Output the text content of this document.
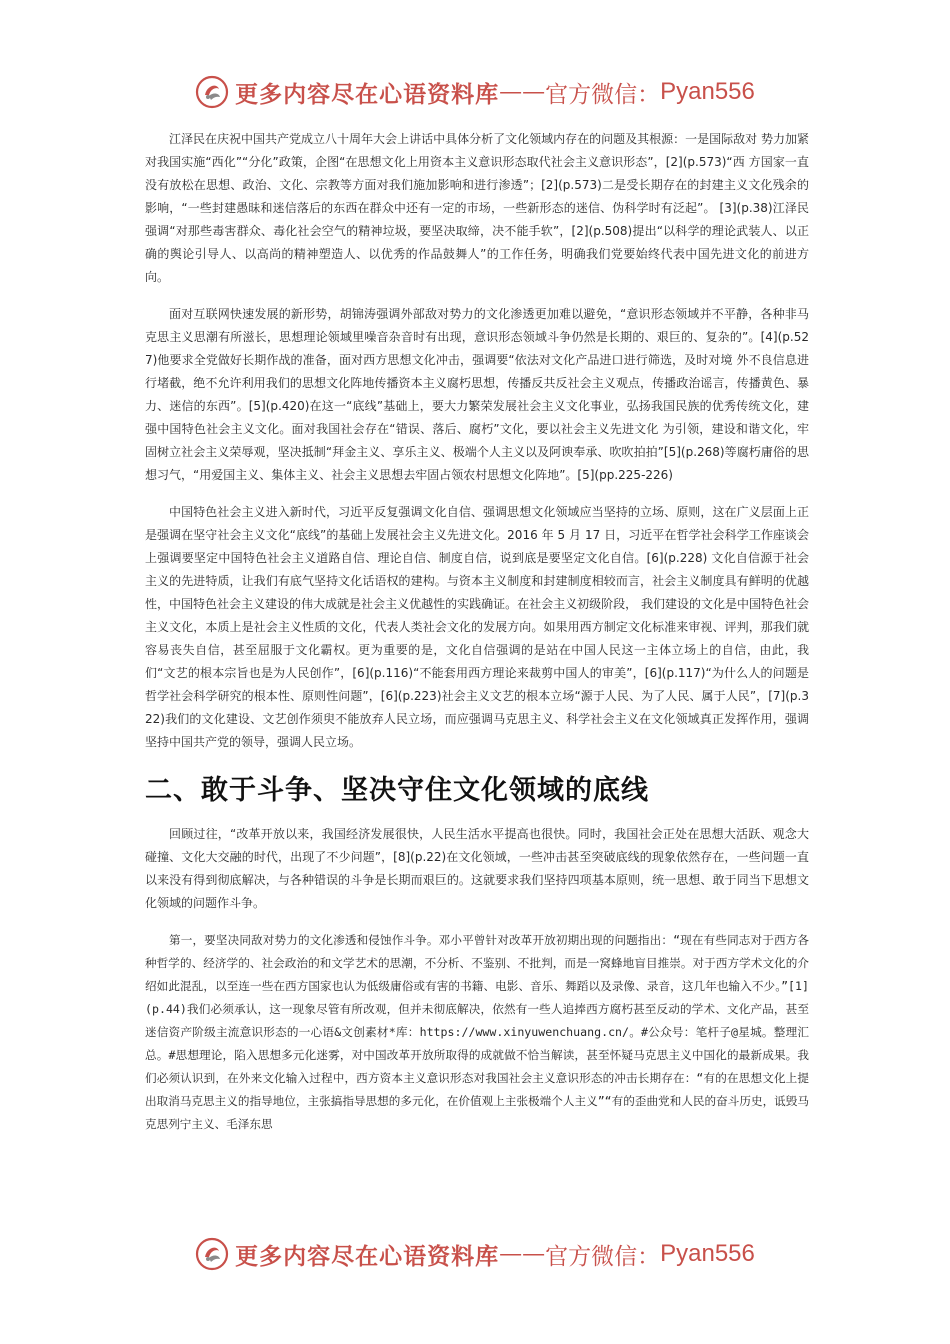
更多内容尽在心语资料库 —— 官方微信： Pyan556

江泽民在庆祝中国共产党成立八十周年大会上讲话中具体分析了文化领域内存在的问题及其根源：一是国际敌对 势力加紧对我国实施“西化”“分化”政策，企图“在思想文化上用资本主义意识形态取代社会主义意识形态”，[2](p.573)“西 方国家一直没有放松在思想、政治、文化、宗教等方面对我们施加影响和进行渗透”；[2](p.573)二是受长期存在的封建主义文化残余的影响，“一些封建愚昧和迷信落后的东西在群众中还有一定的市场，一些新形态的迷信、伪科学时有泛起”。 [3](p.38)江泽民强调“对那些毒害群众、毒化社会空气的精神垃圾，要坚决取缔，决不能手软”，[2](p.508)提出“以科学的理论武装人、以正确的舆论引导人、以高尚的精神塑造人、以优秀的作品鼓舞人”的工作任务，明确我们党要始终代表中国先进文化的前进方向。

面对互联网快速发展的新形势，胡锦涛强调外部敌对势力的文化渗透更加难以避免，“意识形态领域并不平静，各种非马克思主义思潮有所滋长，思想理论领域里噪音杂音时有出现，意识形态领域斗争仍然是长期的、艰巨的、复杂的”。[4](p.527)他要求全党做好长期作战的准备，面对西方思想文化冲击，强调要“依法对文化产品进口进行筛选，及时对境 外不良信息进行堵截，绝不允许利用我们的思想文化阵地传播资本主义腐朽思想，传播反共反社会主义观点，传播政治谣言，传播黄色、暴力、迷信的东西”。[5](p.420)在这一“底线”基础上，要大力繁荣发展社会主义文化事业，弘扬我国民族的优秀传统文化，建强中国特色社会主义文化。面对我国社会存在“错误、落后、腐朽”文化，要以社会主义先进文化 为引领，建设和谐文化，牢固树立社会主义荣辱观，坚决抵制“拜金主义、享乐主义、极端个人主义以及阿谀奉承、吹吹拍拍”[5](p.268)等腐朽庸俗的思想习气，“用爱国主义、集体主义、社会主义思想去牢固占领农村思想文化阵地”。[5](pp.225-226)

中国特色社会主义进入新时代，习近平反复强调文化自信、强调思想文化领域应当坚持的立场、原则，这在广义层面上正是强调在坚守社会主义文化“底线”的基础上发展社会主义先进文化。2016 年 5 月 17 日，习近平在哲学社会科学工作座谈会上强调要坚定中国特色社会主义道路自信、理论自信、制度自信，说到底是要坚定文化自信。[6](p.228) 文化自信源于社会主义的先进特质，让我们有底气坚持文化话语权的建构。与资本主义制度和封建制度相较而言，社会主义制度具有鲜明的优越性，中国特色社会主义建设的伟大成就是社会主义优越性的实践确证。在社会主义初级阶段， 我们建设的文化是中国特色社会主义文化，本质上是社会主义性质的文化，代表人类社会文化的发展方向。如果用西方制定文化标准来审视、评判，那我们就容易丧失自信，甚至屈服于文化霸权。更为重要的是，文化自信强调的是站在中国人民这一主体立场上的自信，由此，我们“文艺的根本宗旨也是为人民创作”，[6](p.116)“不能套用西方理论来裁剪中国人的审美”，[6](p.117)“为什么人的问题是哲学社会科学研究的根本性、原则性问题”，[6](p.223)社会主义文艺的根本立场“源于人民、为了人民、属于人民”，[7](p.322)我们的文化建设、文艺创作须臾不能放弃人民立场，而应强调马克思主义、科学社会主义在文化领域真正发挥作用，强调坚持中国共产党的领导，强调人民立场。

二、敢于斗争、坚决守住文化领域的底线

回顾过往，“改革开放以来，我国经济发展很快，人民生活水平提高也很快。同时，我国社会正处在思想大活跃、观念大碰撞、文化大交融的时代，出现了不少问题”，[8](p.22)在文化领域，一些冲击甚至突破底线的现象依然存在，一些问题一直以来没有得到彻底解决，与各种错误的斗争是长期而艰巨的。这就要求我们坚持四项基本原则，统一思想、敢于同当下思想文化领域的问题作斗争。

第一，要坚决同敌对势力的文化渗透和侵蚀作斗争。邓小平曾针对改革开放初期出现的问题指出：“现在有些同志对于西方各种哲学的、经济学的、社会政治的和文学艺术的思潮，不分析、不鉴别、不批判，而是一窝蜂地盲目推崇。对于西方学术文化的介绍如此混乱，以至连一些在西方国家也认为低级庸俗或有害的书籍、电影、音乐、舞蹈以及录像、录音，这几年也输入不少。”[1](p.44)我们必须承认，这一现象尽管有所改观，但并未彻底解决，依然有一些人追捧西方腐朽甚至反动的学术、文化产品，甚至迷信资产阶级主流意识形态的一心语&文创素材*库：https://www.xinyuwenchuang.cn/。#公众号：笔杆子@星城。整理汇总。#思想理论，陷入思想多元化迷雾，对中国改革开放所取得的成就做不恰当解读，甚至怀疑马克思主义中国化的最新成果。我们必须认识到，在外来文化输入过程中，西方资本主义意识形态对我国社会主义意识形态的冲击长期存在：“有的在思想文化上提出取消马克思主义的指导地位，主张搞指导思想的多元化，在价值观上主张极端个人主义”“有的歪曲党和人民的奋斗历史，诋毁马克思列宁主义、毛泽东思

更多内容尽在心语资料库 —— 官方微信： Pyan556
